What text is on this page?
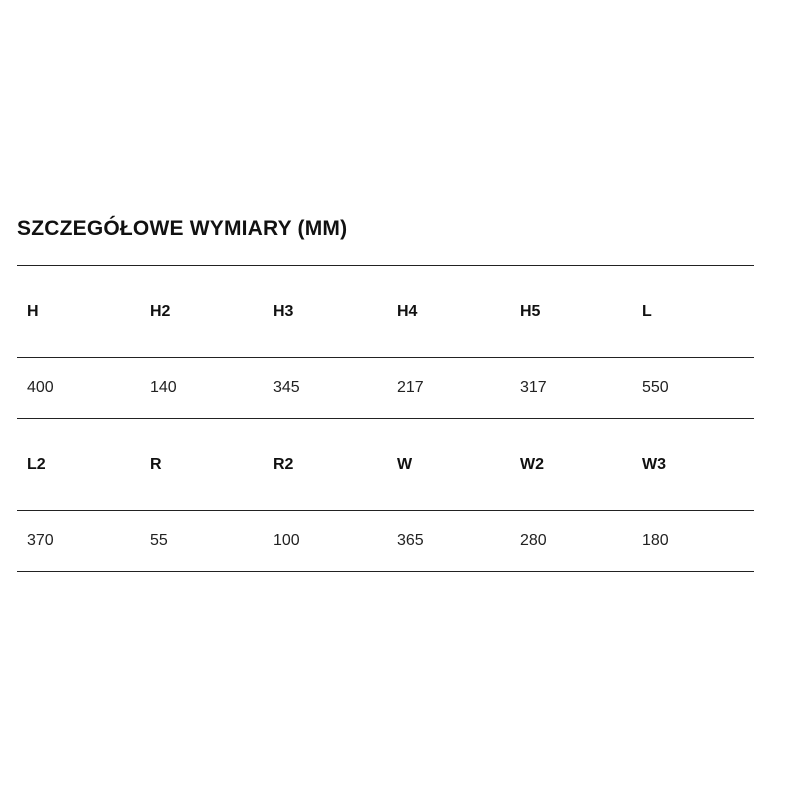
SZCZEGÓŁOWE WYMIARY (MM)
H	H2	H3	H4	H5	L
400	140	345	217	317	550
L2	R	R2	W	W2	W3
370	55	100	365	280	180
